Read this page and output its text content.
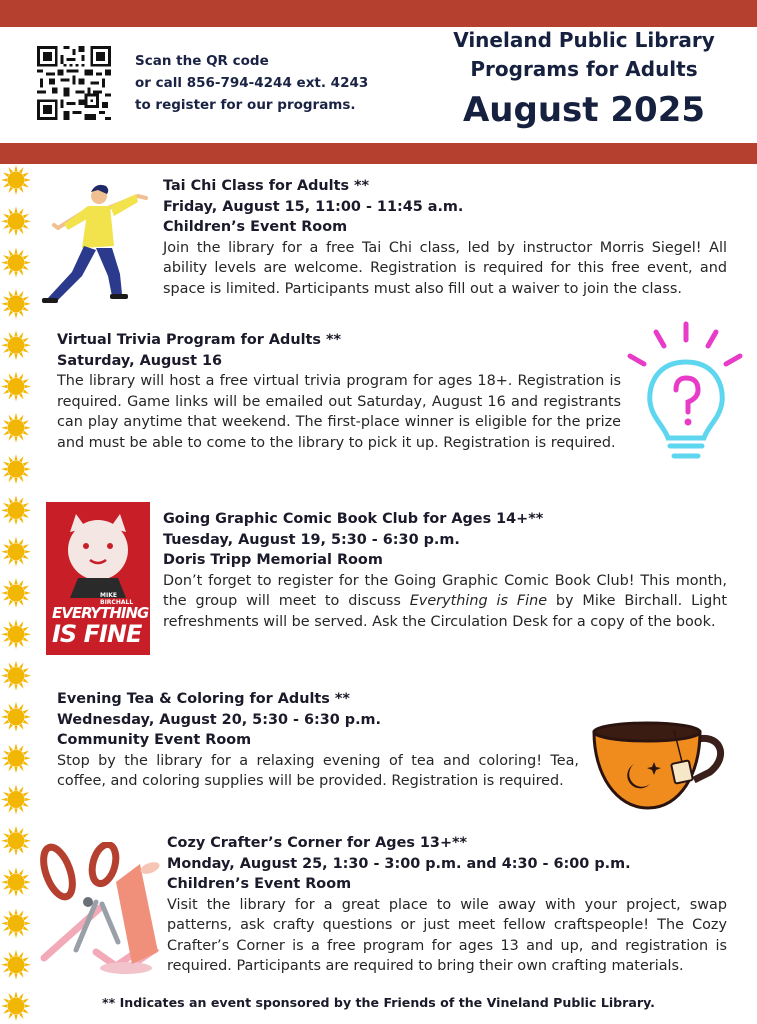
Scan the QR code
or call 856-794-4244 ext. 4243
to register for our programs.
Vineland Public Library
Programs for Adults
August 2025
Tai Chi Class for Adults **
Friday, August 15, 11:00 - 11:45 a.m.
Children’s Event Room
Join the library for a free Tai Chi class, led by instructor Morris Siegel! All ability levels are welcome. Registration is required for this free event, and space is limited. Participants must also fill out a waiver to join the class.
Virtual Trivia Program for Adults **
Saturday, August 16
The library will host a free virtual trivia program for ages 18+. Registration is required. Game links will be emailed out Saturday, August 16 and registrants can play anytime that weekend. The first-place winner is eligible for the prize and must be able to come to the library to pick it up. Registration is required.
MIKE BIRCHALL
EVERYTHING
IS FINE
Going Graphic Comic Book Club for Ages 14+**
Tuesday, August 19, 5:30 - 6:30 p.m.
Doris Tripp Memorial Room
Don’t forget to register for the Going Graphic Comic Book Club! This month, the group will meet to discuss Everything is Fine by Mike Birchall. Light refreshments will be served. Ask the Circulation Desk for a copy of the book.
Evening Tea & Coloring for Adults **
Wednesday, August 20, 5:30 - 6:30 p.m.
Community Event Room
Stop by the library for a relaxing evening of tea and coloring! Tea, coffee, and coloring supplies will be provided. Registration is required.
Cozy Crafter’s Corner for Ages 13+**
Monday, August 25, 1:30 - 3:00 p.m. and 4:30 - 6:00 p.m.
Children’s Event Room
Visit the library for a great place to wile away with your project, swap patterns, ask crafty questions or just meet fellow craftspeople! The Cozy Crafter’s Corner is a free program for ages 13 and up, and registration is required. Participants are required to bring their own crafting materials.
** Indicates an event sponsored by the Friends of the Vineland Public Library.
